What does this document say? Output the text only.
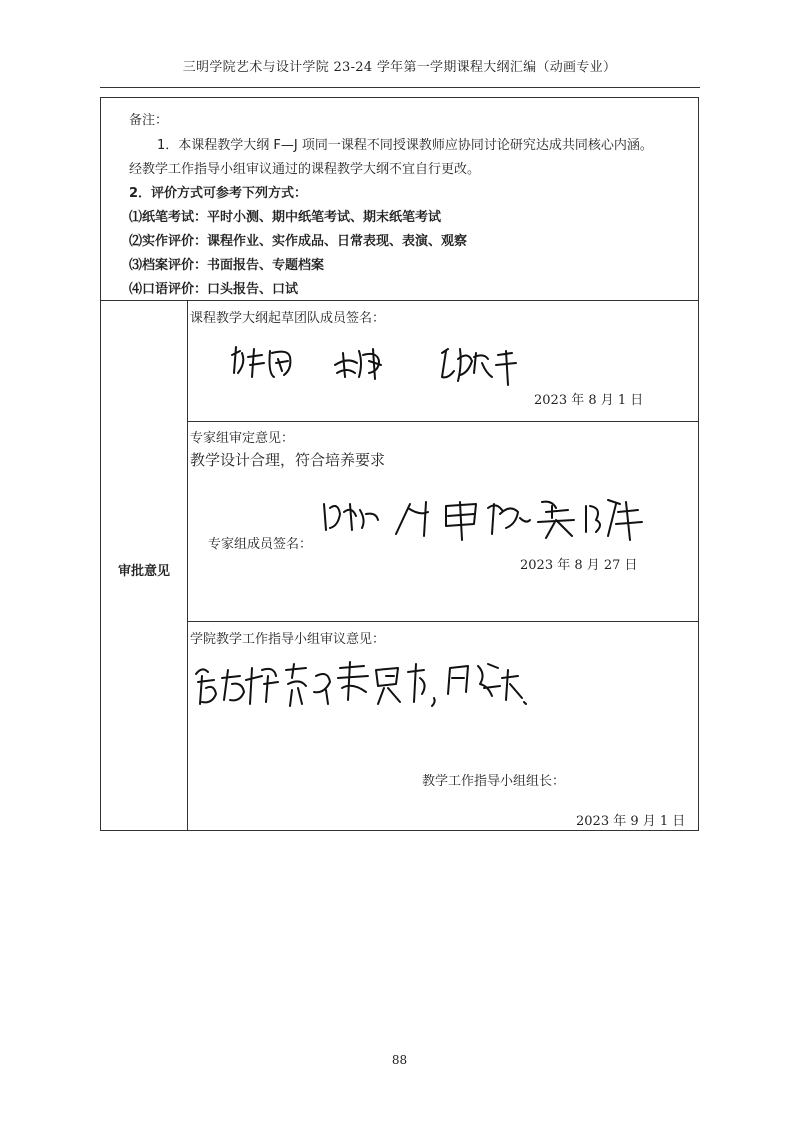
三明学院艺术与设计学院 23-24 学年第一学期课程大纲汇编（动画专业）
备注：
1．本课程教学大纲 F—J 项同一课程不同授课教师应协同讨论研究达成共同核心内涵。
经教学工作指导小组审议通过的课程教学大纲不宜自行更改。
2．评价方式可参考下列方式：
⑴纸笔考试：平时小测、期中纸笔考试、期末纸笔考试
⑵实作评价：课程作业、实作成品、日常表现、表演、观察
⑶档案评价：书面报告、专题档案
⑷口语评价：口头报告、口试
审批意见
课程教学大纲起草团队成员签名：
2023 年 8 月 1 日
专家组审定意见：
教学设计合理，符合培养要求
专家组成员签名：
2023 年 8 月 27 日
学院教学工作指导小组审议意见：
教学工作指导小组组长：
2023 年 9 月 1 日
88
